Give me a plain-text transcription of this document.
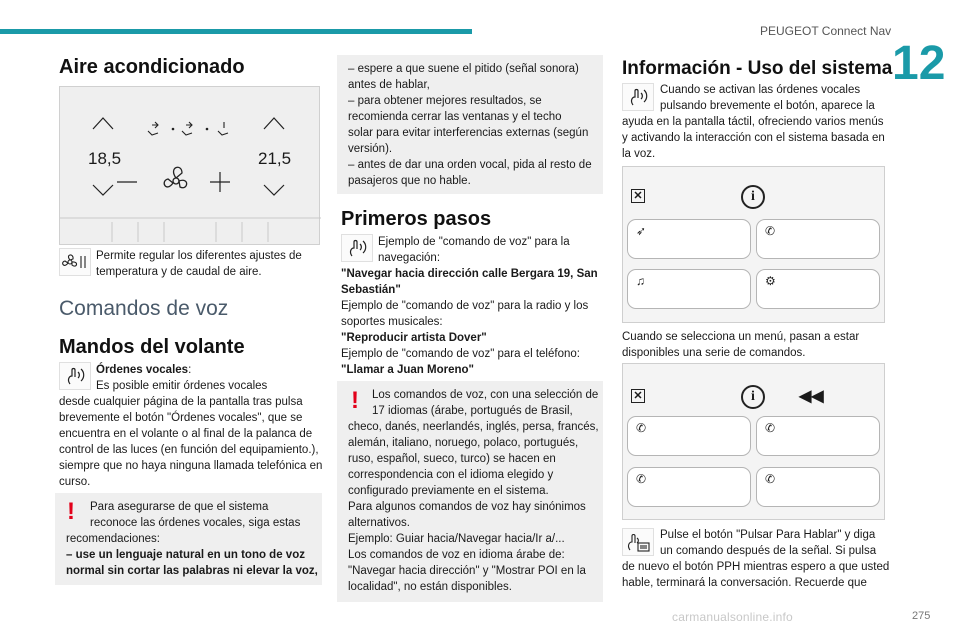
PEUGEOT Connect Nav
12
Aire acondicionado
18,5	21,5
Permite regular los diferentes ajustes de
temperatura y de caudal de aire.
Comandos de voz
Mandos del volante
Órdenes vocales:
Es posible emitir órdenes vocales
desde cualquier página de la pantalla tras pulsa
brevemente el botón "Órdenes vocales", que se
encuentra en el volante o al final de la palanca de
control de las luces (en función del equipamiento.),
siempre que no haya ninguna llamada telefónica en
curso.
! Para asegurarse de que el sistema
reconoce las órdenes vocales, siga estas
recomendaciones:
– use un lenguaje natural en un tono de voz
normal sin cortar las palabras ni elevar la voz,
– espere a que suene el pitido (señal sonora)
antes de hablar,
– para obtener mejores resultados, se
recomienda cerrar las ventanas y el techo
solar para evitar interferencias externas (según
versión).
– antes de dar una orden vocal, pida al resto de
pasajeros que no hable.
Primeros pasos
Ejemplo de "comando de voz" para la
navegación:
"Navegar hacia dirección calle Bergara 19, San
Sebastián"
Ejemplo de "comando de voz" para la radio y los
soportes musicales:
"Reproducir artista Dover"
Ejemplo de "comando de voz" para el teléfono:
"Llamar a Juan Moreno"
! Los comandos de voz, con una selección de
17 idiomas (árabe, portugués de Brasil,
checo, danés, neerlandés, inglés, persa, francés,
alemán, italiano, noruego, polaco, portugués,
ruso, español, sueco, turco) se hacen en
correspondencia con el idioma elegido y
configurado previamente en el sistema.
Para algunos comandos de voz hay sinónimos
alternativos.
Ejemplo: Guiar hacia/Navegar hacia/Ir a/...
Los comandos de voz en idioma árabe de:
"Navegar hacia dirección" y "Mostrar POI en la
localidad", no están disponibles.
Información - Uso del sistema
Cuando se activan las órdenes vocales
pulsando brevemente el botón, aparece la
ayuda en la pantalla táctil, ofreciendo varios menús
y activando la interacción con el sistema basada en
la voz.
✕	i
➶	✆
♫	⚙
Cuando se selecciona un menú, pasan a estar
disponibles una serie de comandos.
✕	i	◀◀
✆	✆
✆	✆
Pulse el botón "Pulsar Para Hablar" y diga
un comando después de la señal. Si pulsa
de nuevo el botón PPH mientras espero a que usted
hable, terminará la conversación. Recuerde que
carmanualsonline.info	275
